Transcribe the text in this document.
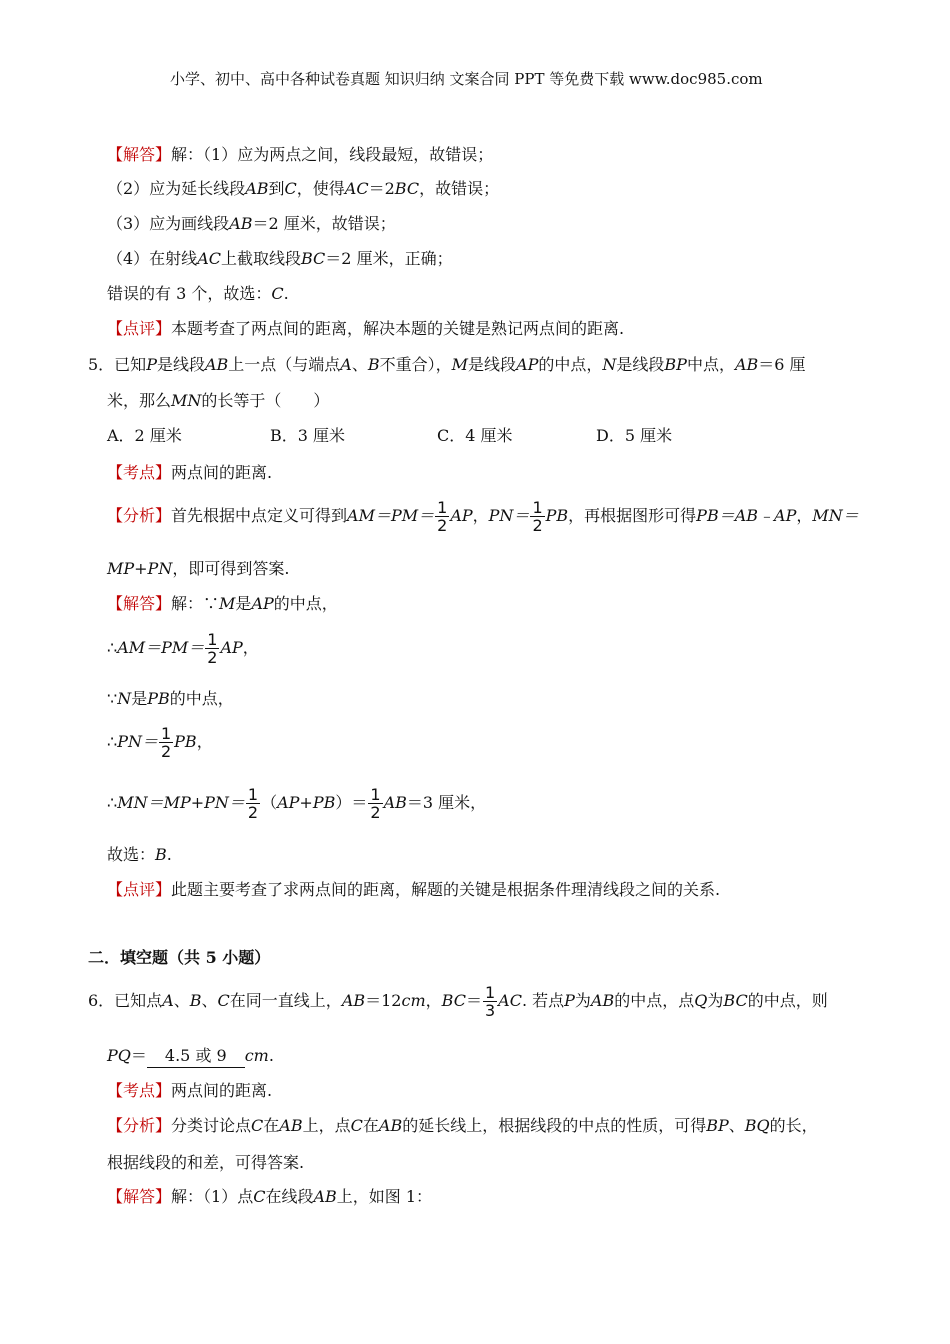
小学、初中、高中各种试卷真题 知识归纳 文案合同 PPT 等免费下载 www.doc985.com
【解答】解：（1）应为两点之间，线段最短，故错误；
（2）应为延长线段AB到C，使得AC＝2BC，故错误；
（3）应为画线段AB＝2 厘米，故错误；
（4）在射线AC上截取线段BC＝2 厘米，正确；
错误的有 3 个，故选：C.
【点评】本题考查了两点间的距离，解决本题的关键是熟记两点间的距离.
5．已知P是线段AB上一点（与端点A、B不重合），M是线段AP的中点，N是线段BP中点，AB＝6 厘
米，那么MN的长等于（　　）
A．2 厘米	B．3 厘米	C．4 厘米	D．5 厘米
【考点】两点间的距离.
【分析】首先根据中点定义可得到$AM=PM= \frac{1}{2}$ AP，$PN= \frac{1}{2}$ PB，再根据图形可得PB＝AB﹣AP，MN＝
MP+PN，即可得到答案.
【解答】解：∵M是AP的中点，
∴AM＝PM＝ $\frac{1}{2}$ AP，
∵N是PB的中点，
∴PN＝ $\frac{1}{2}$ PB，
∴MN＝MP+PN＝ $\frac{1}{2} (AP+PB)= \frac{1}{2} AB=3$ 厘米，
故选：B.
【点评】此题主要考查了求两点间的距离，解题的关键是根据条件理清线段之间的关系.
二．填空题（共 5 小题）
6．已知点A、B、C在同一直线上，AB＝12cm，$BC= \frac{1}{3}$ AC. 若点P为AB的中点，点Q为BC的中点，则
PQ＝ 4.5 或 9 cm.
【考点】两点间的距离.
【分析】分类讨论点C在AB上，点C在AB的延长线上，根据线段的中点的性质，可得BP、BQ的长，
根据线段的和差，可得答案.
【解答】解：（1）点C在线段AB上，如图 1：
